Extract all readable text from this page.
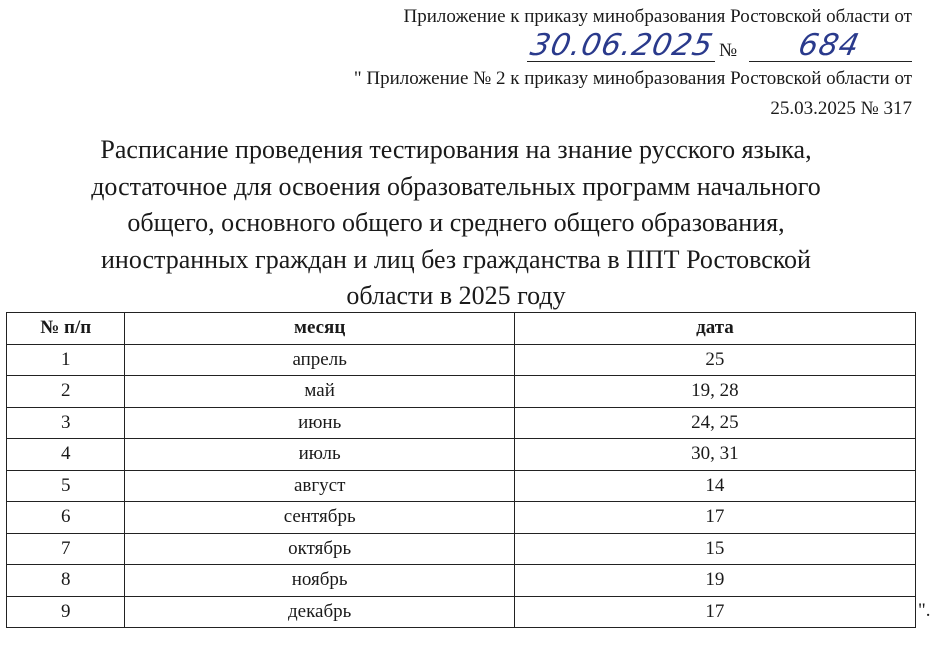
Приложение к приказу минобразования Ростовской области от
30.06.2025 № 684
" Приложение № 2 к приказу минобразования Ростовской области от
25.03.2025 № 317
Расписание проведения тестирования на знание русского языка,
достаточное для освоения образовательных программ начального
общего, основного общего и среднего общего образования,
иностранных граждан и лиц без гражданства в ППТ Ростовской
области в 2025 году
№ п/п	месяц	дата
1	апрель	25
2	май	19, 28
3	июнь	24, 25
4	июль	30, 31
5	август	14
6	сентябрь	17
7	октябрь	15
8	ноябрь	19
9	декабрь	17	".
